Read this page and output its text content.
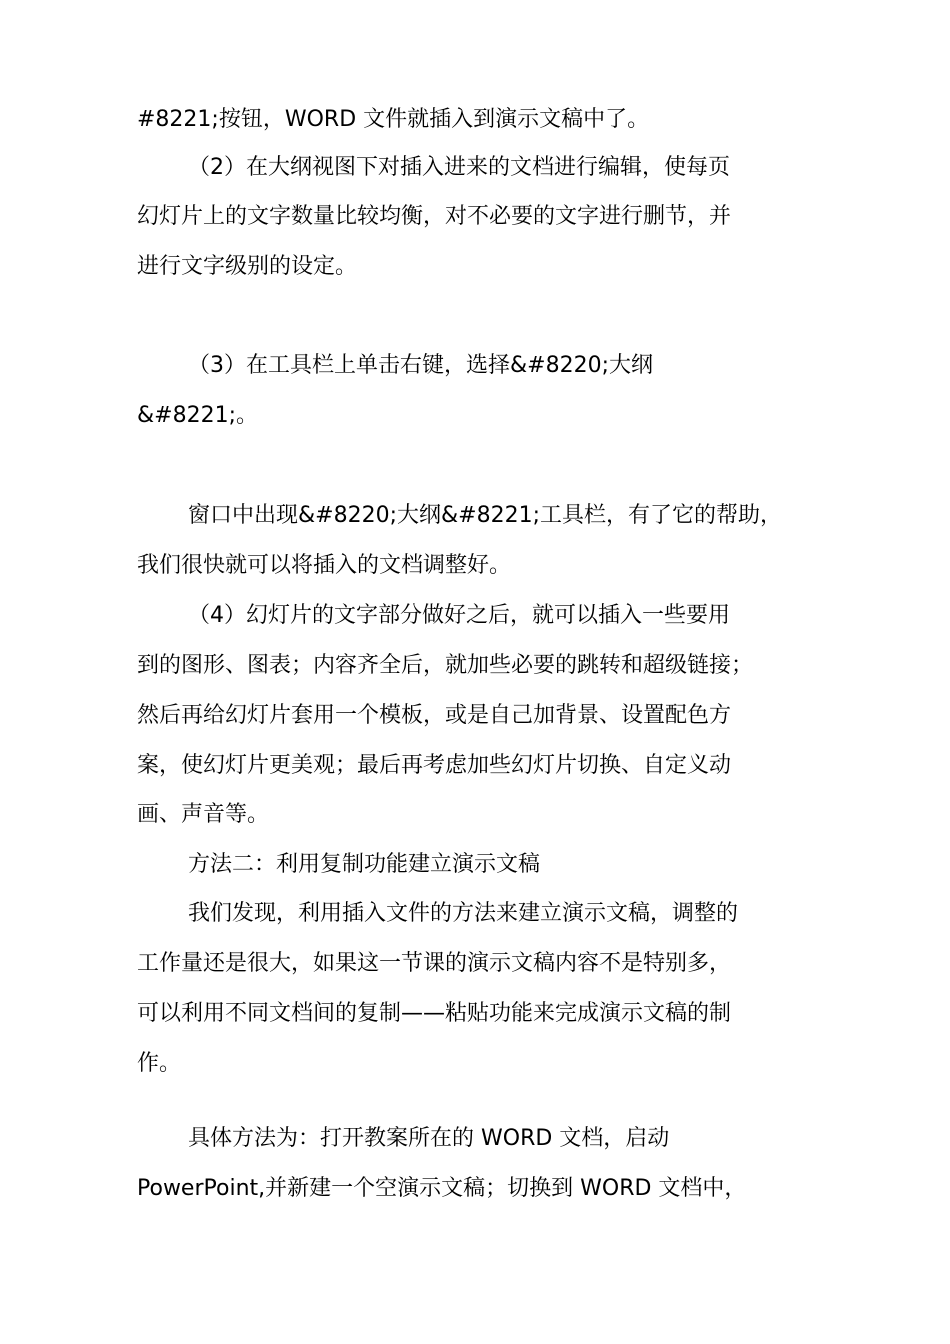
#8221;按钮，WORD 文件就插入到演示文稿中了。
（2）在大纲视图下对插入进来的文档进行编辑，使每页
幻灯片上的文字数量比较均衡，对不必要的文字进行删节，并
进行文字级别的设定。
（3）在工具栏上单击右键，选择&#8220;大纲
&#8221;。
窗口中出现&#8220;大纲&#8221;工具栏，有了它的帮助，
我们很快就可以将插入的文档调整好。
（4）幻灯片的文字部分做好之后，就可以插入一些要用
到的图形、图表；内容齐全后，就加些必要的跳转和超级链接；
然后再给幻灯片套用一个模板，或是自己加背景、设置配色方
案，使幻灯片更美观；最后再考虑加些幻灯片切换、自定义动
画、声音等。
方法二：利用复制功能建立演示文稿
我们发现，利用插入文件的方法来建立演示文稿，调整的
工作量还是很大，如果这一节课的演示文稿内容不是特别多，
可以利用不同文档间的复制——粘贴功能来完成演示文稿的制
作。
具体方法为：打开教案所在的 WORD 文档，启动
PowerPoint,并新建一个空演示文稿；切换到 WORD 文档中，
